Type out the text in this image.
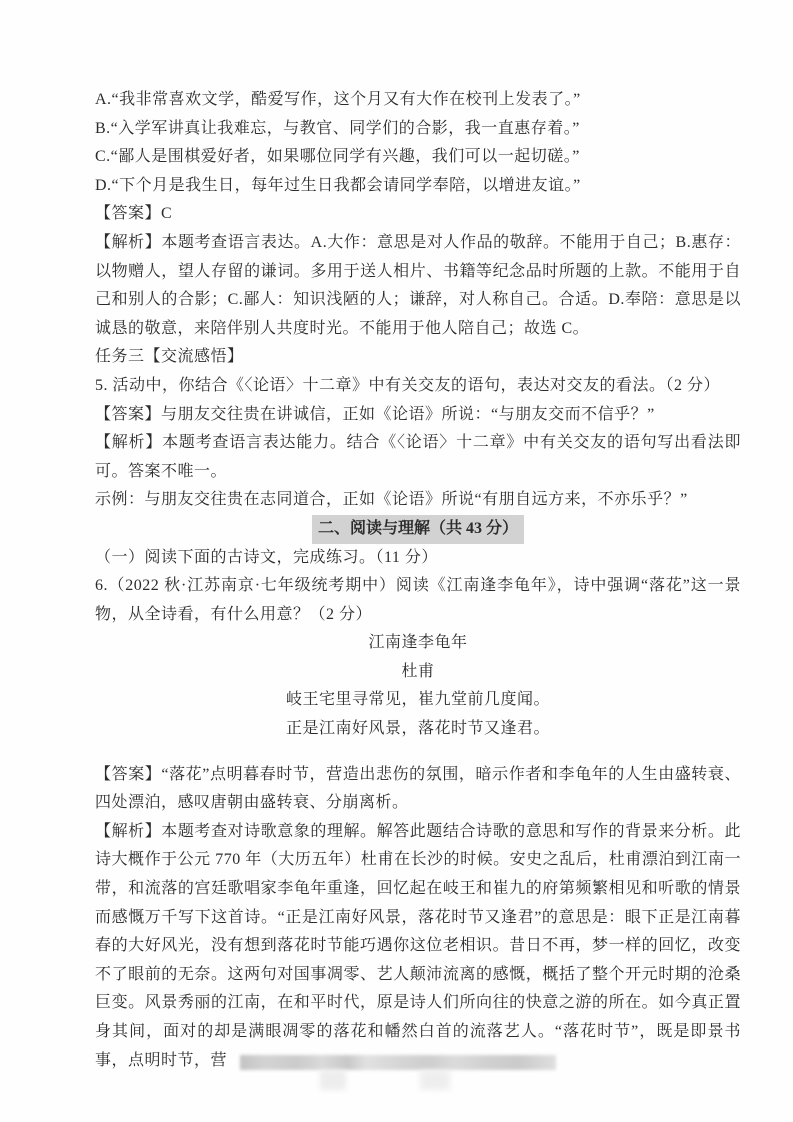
A.“我非常喜欢文学，酷爱写作，这个月又有大作在校刊上发表了。”

B.“入学军讲真让我难忘，与教官、同学们的合影，我一直惠存着。”

C.“鄙人是围棋爱好者，如果哪位同学有兴趣，我们可以一起切磋。”

D.“下个月是我生日，每年过生日我都会请同学奉陪，以增进友谊。”

【答案】C

【解析】本题考查语言表达。A.大作：意思是对人作品的敬辞。不能用于自己；B.惠存：以物赠人，望人存留的谦词。多用于送人相片、书籍等纪念品时所题的上款。不能用于自己和别人的合影；C.鄙人：知识浅陋的人；谦辞，对人称自己。合适。D.奉陪：意思是以诚恳的敬意，来陪伴别人共度时光。不能用于他人陪自己；故选 C。

任务三【交流感悟】

5. 活动中，你结合《〈论语〉十二章》中有关交友的语句，表达对交友的看法。（2 分）

【答案】与朋友交往贵在讲诚信，正如《论语》所说：“与朋友交而不信乎？”

【解析】本题考查语言表达能力。结合《〈论语〉十二章》中有关交友的语句写出看法即可。答案不唯一。

示例：与朋友交往贵在志同道合，正如《论语》所说“有朋自远方来，不亦乐乎？”

二、阅读与理解（共 43 分）

（一）阅读下面的古诗文，完成练习。（11 分）

6.（2022 秋·江苏南京·七年级统考期中）阅读《江南逢李龟年》，诗中强调“落花”这一景物，从全诗看，有什么用意？（2 分）

江南逢李龟年

杜甫

岐王宅里寻常见，崔九堂前几度闻。

正是江南好风景，落花时节又逢君。

【答案】“落花”点明暮春时节，营造出悲伤的氛围，暗示作者和李龟年的人生由盛转衰、四处漂泊，感叹唐朝由盛转衰、分崩离析。

【解析】本题考查对诗歌意象的理解。解答此题结合诗歌的意思和写作的背景来分析。此诗大概作于公元 770 年（大历五年）杜甫在长沙的时候。安史之乱后，杜甫漂泊到江南一带，和流落的宫廷歌唱家李龟年重逢，回忆起在岐王和崔九的府第频繁相见和听歌的情景而感慨万千写下这首诗。“正是江南好风景，落花时节又逢君”的意思是：眼下正是江南暮春的大好风光，没有想到落花时节能巧遇你这位老相识。昔日不再，梦一样的回忆，改变不了眼前的无奈。这两句对国事凋零、艺人颠沛流离的感慨，概括了整个开元时期的沧桑巨变。风景秀丽的江南，在和平时代，原是诗人们所向往的快意之游的所在。如今真正置身其间，面对的却是满眼凋零的落花和幡然白首的流落艺人。“落花时节”，既是即景书事，点明时节，营
